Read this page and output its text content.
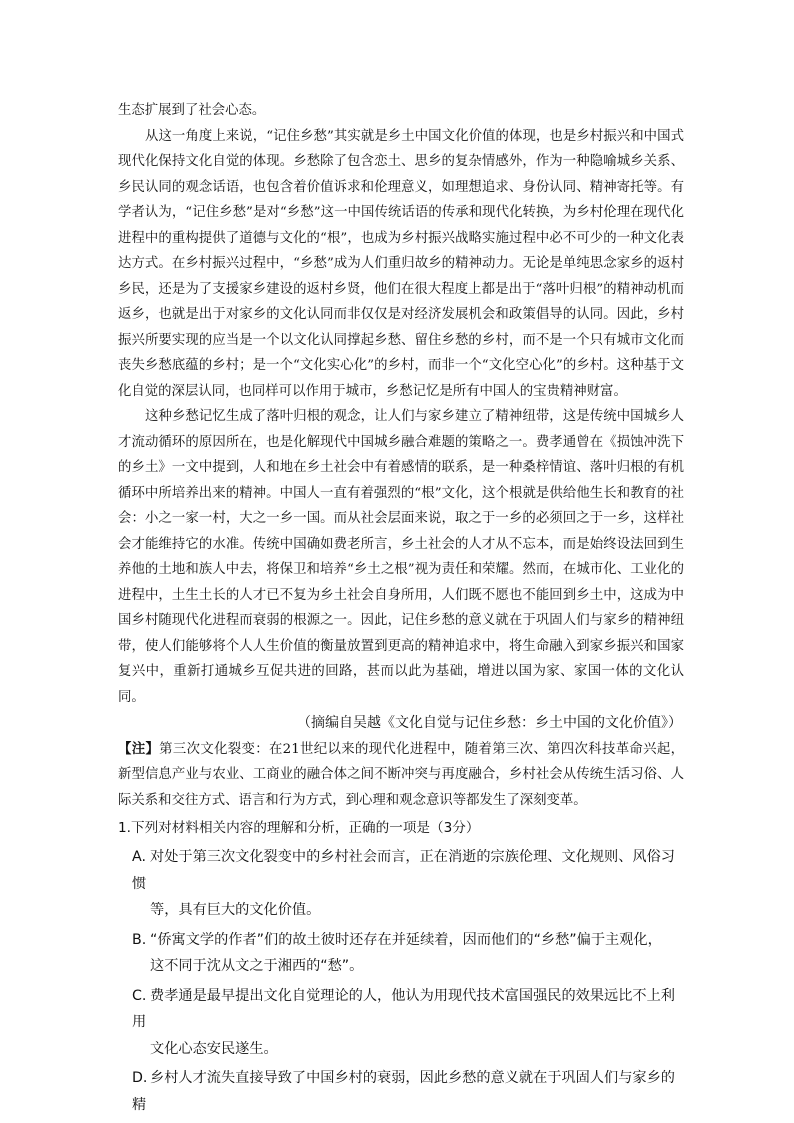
生态扩展到了社会心态。

从这一角度上来说，“记住乡愁”其实就是乡土中国文化价值的体现，也是乡村振兴和中国式现代化保持文化自觉的体现。乡愁除了包含恋土、思乡的复杂情感外，作为一种隐喻城乡关系、乡民认同的观念话语，也包含着价值诉求和伦理意义，如理想追求、身份认同、精神寄托等。有学者认为，“记住乡愁”是对“乡愁”这一中国传统话语的传承和现代化转换，为乡村伦理在现代化进程中的重构提供了道德与文化的“根”，也成为乡村振兴战略实施过程中必不可少的一种文化表达方式。在乡村振兴过程中，“乡愁”成为人们重归故乡的精神动力。无论是单纯思念家乡的返村乡民，还是为了支援家乡建设的返村乡贤，他们在很大程度上都是出于“落叶归根”的精神动机而返乡，也就是出于对家乡的文化认同而非仅仅是对经济发展机会和政策倡导的认同。因此，乡村振兴所要实现的应当是一个以文化认同撑起乡愁、留住乡愁的乡村，而不是一个只有城市文化而丧失乡愁底蕴的乡村；是一个“文化实心化”的乡村，而非一个“文化空心化”的乡村。这种基于文化自觉的深层认同，也同样可以作用于城市，乡愁记忆是所有中国人的宝贵精神财富。

这种乡愁记忆生成了落叶归根的观念，让人们与家乡建立了精神纽带，这是传统中国城乡人才流动循环的原因所在，也是化解现代中国城乡融合难题的策略之一。费孝通曾在《损蚀冲洗下的乡土》一文中提到，人和地在乡土社会中有着感情的联系，是一种桑梓情谊、落叶归根的有机循环中所培养出来的精神。中国人一直有着强烈的“根”文化，这个根就是供给他生长和教育的社会：小之一家一村，大之一乡一国。而从社会层面来说，取之于一乡的必须回之于一乡，这样社会才能维持它的水准。传统中国确如费老所言，乡土社会的人才从不忘本，而是始终设法回到生养他的土地和族人中去，将保卫和培养“乡土之根”视为责任和荣耀。然而，在城市化、工业化的进程中，土生土长的人才已不复为乡土社会自身所用，人们既不愿也不能回到乡土中，这成为中国乡村随现代化进程而衰弱的根源之一。因此，记住乡愁的意义就在于巩固人们与家乡的精神纽带，使人们能够将个人人生价值的衡量放置到更高的精神追求中，将生命融入到家乡振兴和国家复兴中，重新打通城乡互促共进的回路，甚而以此为基础，增进以国为家、家国一体的文化认同。

（摘编自吴越《文化自觉与记住乡愁：乡土中国的文化价值》）

【注】第三次文化裂变：在21世纪以来的现代化进程中，随着第三次、第四次科技革命兴起，新型信息产业与农业、工商业的融合体之间不断冲突与再度融合，乡村社会从传统生活习俗、人际关系和交往方式、语言和行为方式，到心理和观念意识等都发生了深刻变革。

1.下列对材料相关内容的理解和分析，正确的一项是（3分）

A. 对处于第三次文化裂变中的乡村社会而言，正在消逝的宗族伦理、文化规则、风俗习惯
等，具有巨大的文化价值。
B. “侨寓文学的作者”们的故土彼时还存在并延续着，因而他们的“乡愁”偏于主观化，
这不同于沈从文之于湘西的“愁”。
C. 费孝通是最早提出文化自觉理论的人，他认为用现代技术富国强民的效果远比不上利用
文化心态安民遂生。
D. 乡村人才流失直接导致了中国乡村的衰弱，因此乡愁的意义就在于巩固人们与家乡的精
